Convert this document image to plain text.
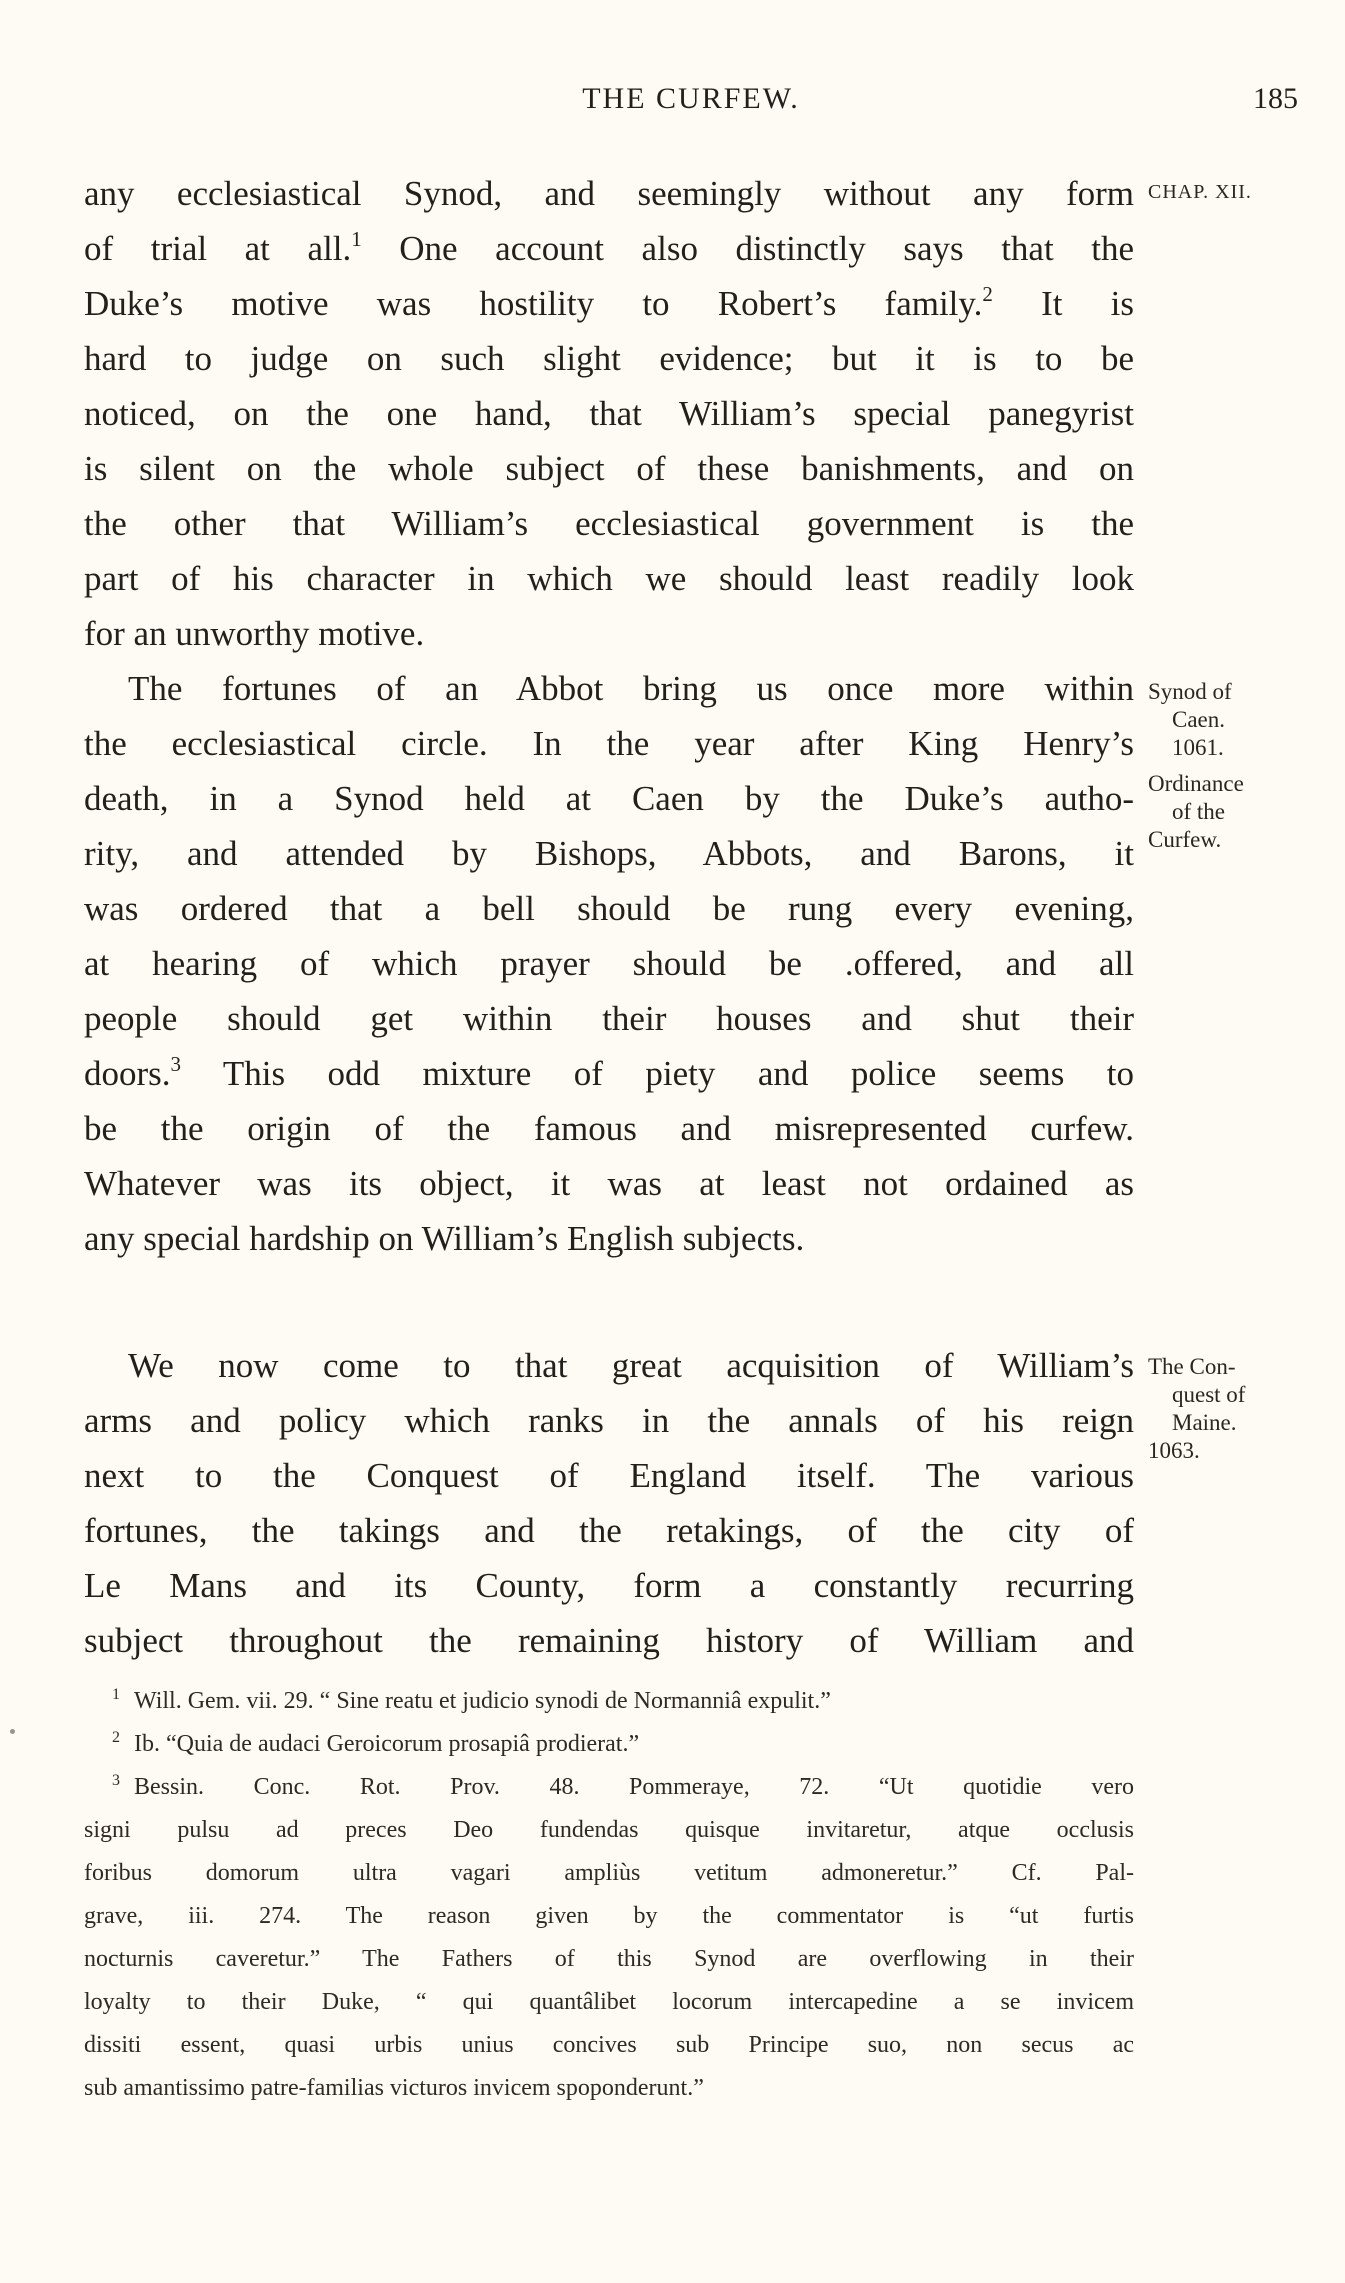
THE CURFEW.	185
any ecclesiastical Synod, and seemingly without any form
of trial at all.$^1$ One account also distinctly says that the
Duke’s motive was hostility to Robert’s family.$^2$ It is
hard to judge on such slight evidence; but it is to be
noticed, on the one hand, that William’s special panegyrist
is silent on the whole subject of these banishments, and on
the other that William’s ecclesiastical government is the
part of his character in which we should least readily look
for an unworthy motive.
The fortunes of an Abbot bring us once more within
the ecclesiastical circle. In the year after King Henry’s
death, in a Synod held at Caen by the Duke’s autho-
rity, and attended by Bishops, Abbots, and Barons, it
was ordered that a bell should be rung every evening,
at hearing of which prayer should be .offered, and all
people should get within their houses and shut their
doors.$^3$ This odd mixture of piety and police seems to
be the origin of the famous and misrepresented curfew.
Whatever was its object, it was at least not ordained as
any special hardship on William’s English subjects.
We now come to that great acquisition of William’s
arms and policy which ranks in the annals of his reign
next to the Conquest of England itself. The various
fortunes, the takings and the retakings, of the city of
Le Mans and its County, form a constantly recurring
subject throughout the remaining history of William and
CHAP. XII.
Synod of
Caen.
1061.
Ordinance
of the
Curfew.
The Con-
quest of
Maine.
1063.
$^1$ Will. Gem. vii. 29. “ Sine reatu et judicio synodi de Normanniâ expulit.”
$^2$ Ib. “Quia de audaci Geroicorum prosapiâ prodierat.”
$^3$ Bessin. Conc. Rot. Prov. 48. Pommeraye, 72. “Ut quotidie vero
signi pulsu ad preces Deo fundendas quisque invitaretur, atque occlusis
foribus domorum ultra vagari ampliùs vetitum admoneretur.” Cf. Pal-
grave, iii. 274. The reason given by the commentator is “ut furtis
nocturnis caveretur.” The Fathers of this Synod are overflowing in their
loyalty to their Duke, “ qui quantâlibet locorum intercapedine a se invicem
dissiti essent, quasi urbis unius concives sub Principe suo, non secus ac
sub amantissimo patre-familias victuros invicem spoponderunt.”
